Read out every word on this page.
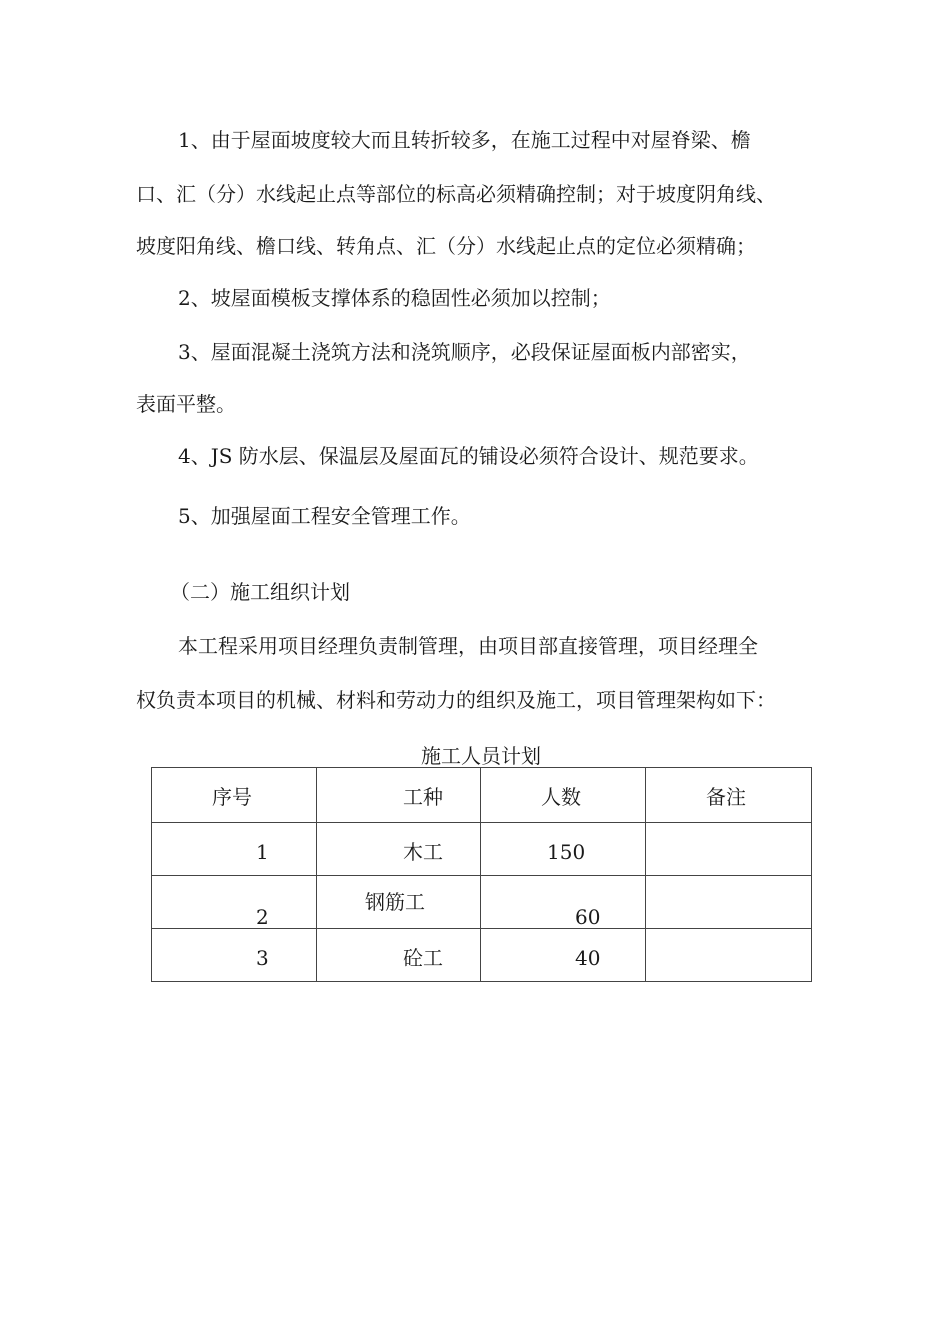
1、由于屋面坡度较大而且转折较多，在施工过程中对屋脊梁、檐

口、汇（分）水线起止点等部位的标高必须精确控制；对于坡度阴角线、

坡度阳角线、檐口线、转角点、汇（分）水线起止点的定位必须精确；

2、坡屋面模板支撑体系的稳固性必须加以控制；

3、屋面混凝土浇筑方法和浇筑顺序，必段保证屋面板内部密实，

表面平整。

4、JS 防水层、保温层及屋面瓦的铺设必须符合设计、规范要求。

5、加强屋面工程安全管理工作。

（二）施工组织计划

本工程采用项目经理负责制管理，由项目部直接管理，项目经理全

权负责本项目的机械、材料和劳动力的组织及施工，项目管理架构如下：

施工人员计划

序号	工种	人数	备注

1	木工	150	

2	钢筋工	60	

3	砼工	40	
